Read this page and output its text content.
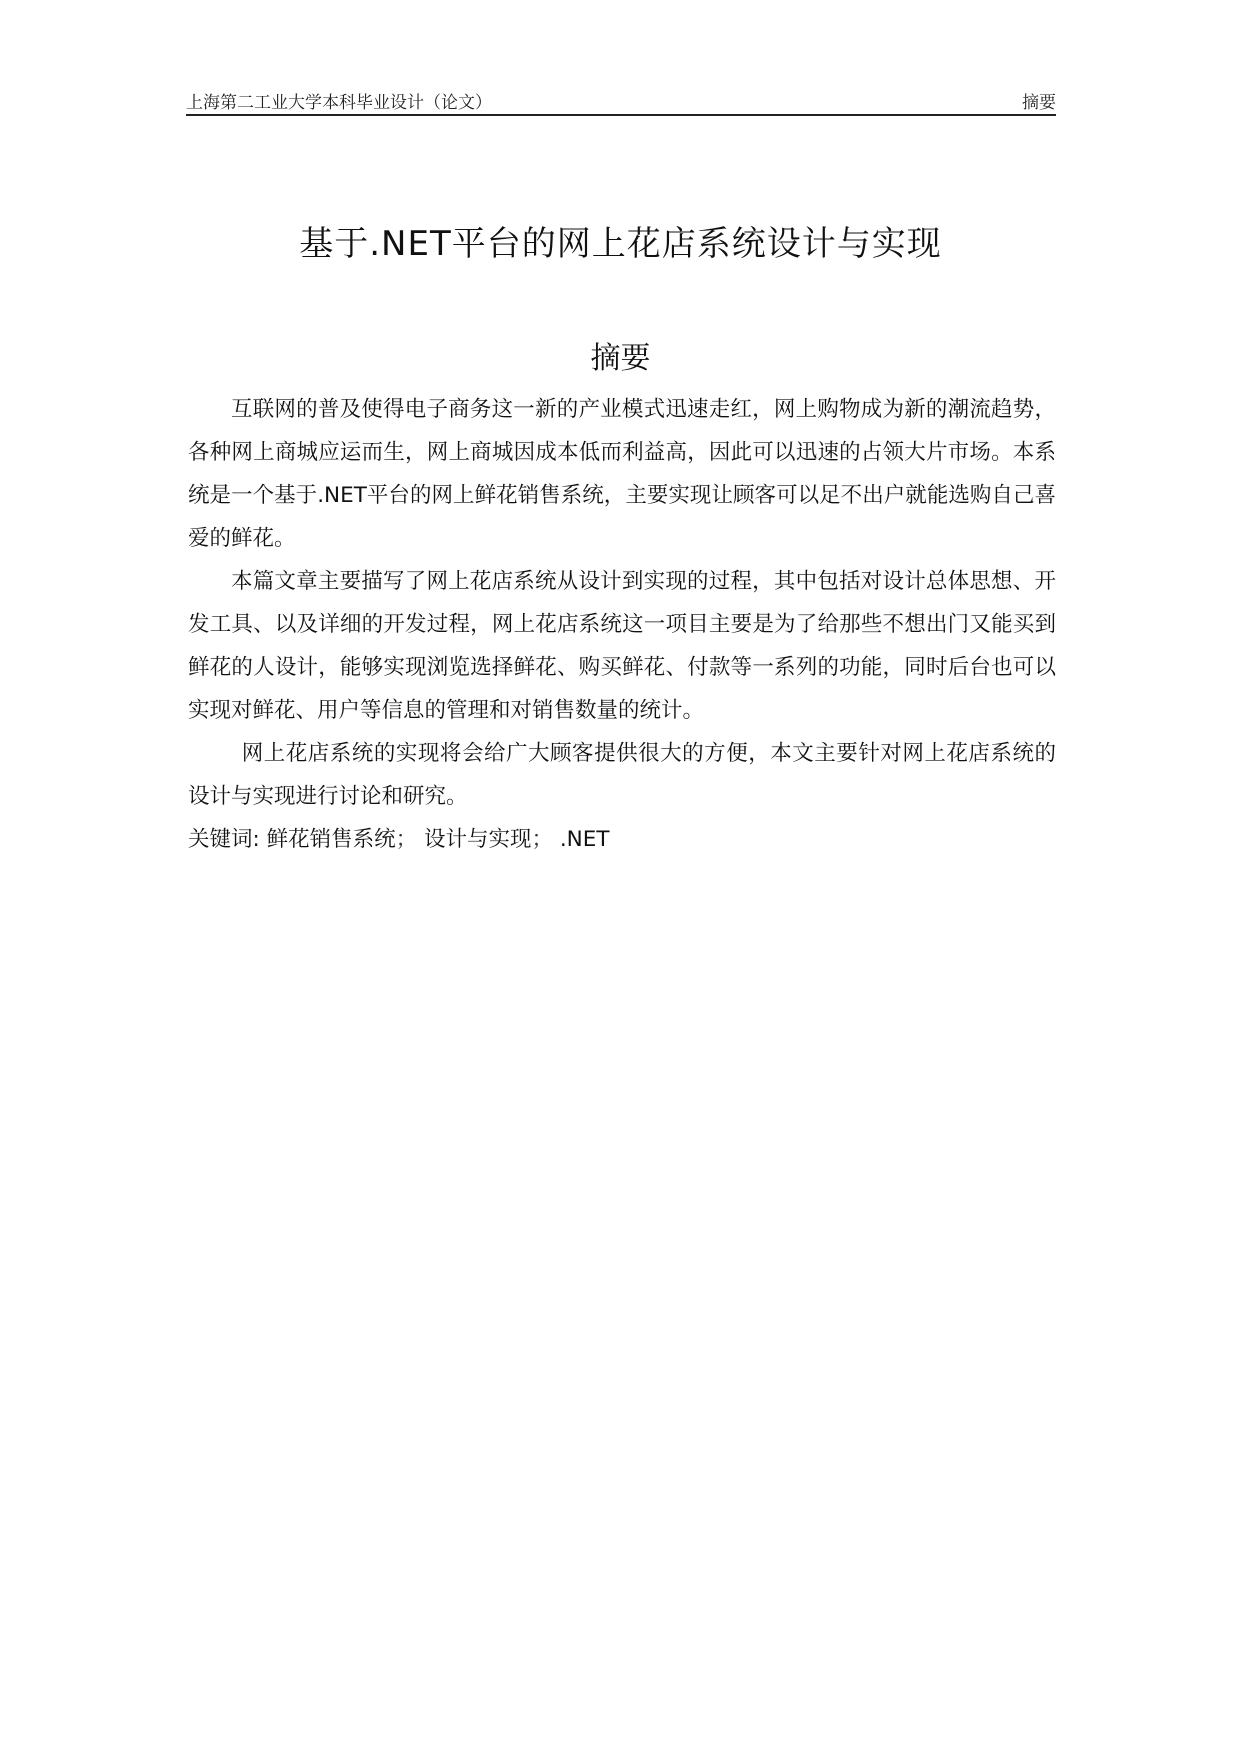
上海第二工业大学本科毕业设计（论文）	摘要
基于.NET平台的网上花店系统设计与实现
摘要

互联网的普及使得电子商务这一新的产业模式迅速走红，网上购物成为新的潮流趋势，各种网上商城应运而生，网上商城因成本低而利益高，因此可以迅速的占领大片市场。本系统是一个基于.NET平台的网上鲜花销售系统，主要实现让顾客可以足不出户就能选购自己喜爱的鲜花。

本篇文章主要描写了网上花店系统从设计到实现的过程，其中包括对设计总体思想、开发工具、以及详细的开发过程，网上花店系统这一项目主要是为了给那些不想出门又能买到鲜花的人设计，能够实现浏览选择鲜花、购买鲜花、付款等一系列的功能，同时后台也可以实现对鲜花、用户等信息的管理和对销售数量的统计。

网上花店系统的实现将会给广大顾客提供很大的方便，本文主要针对网上花店系统的设计与实现进行讨论和研究。

关键词: 鲜花销售系统； 设计与实现； .NET
